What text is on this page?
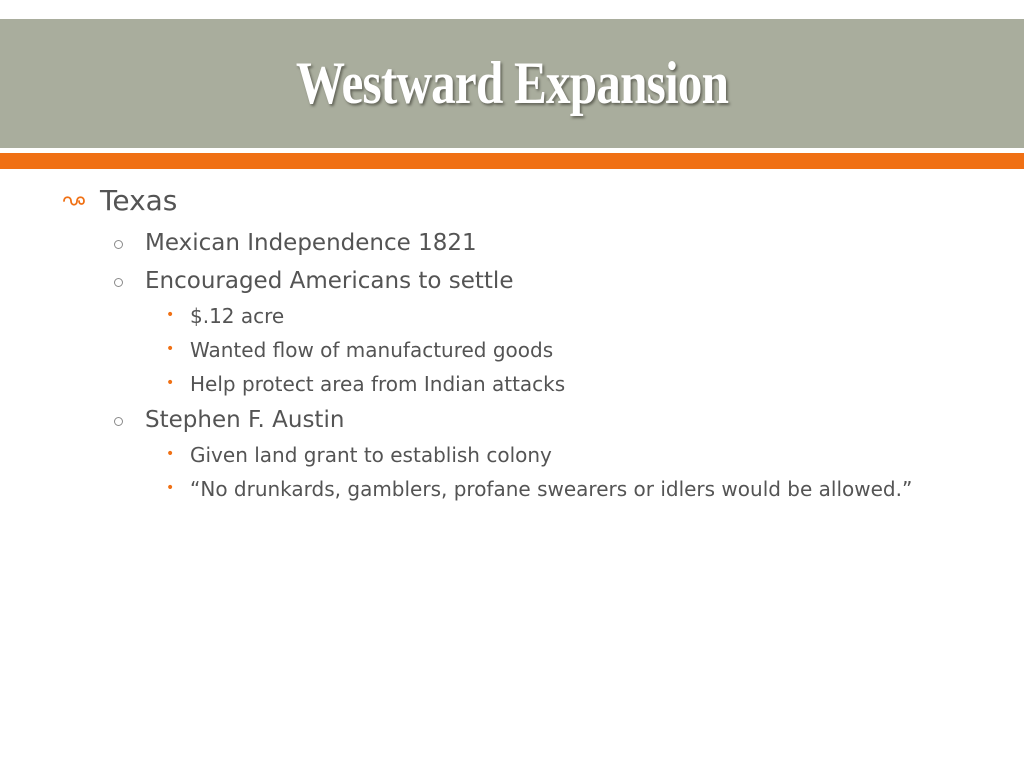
Westward Expansion
Texas
Mexican Independence 1821
Encouraged Americans to settle
• $.12 acre
• Wanted flow of manufactured goods
• Help protect area from Indian attacks
Stephen F. Austin
• Given land grant to establish colony
• “No drunkards, gamblers, profane swearers or idlers would be allowed.”
